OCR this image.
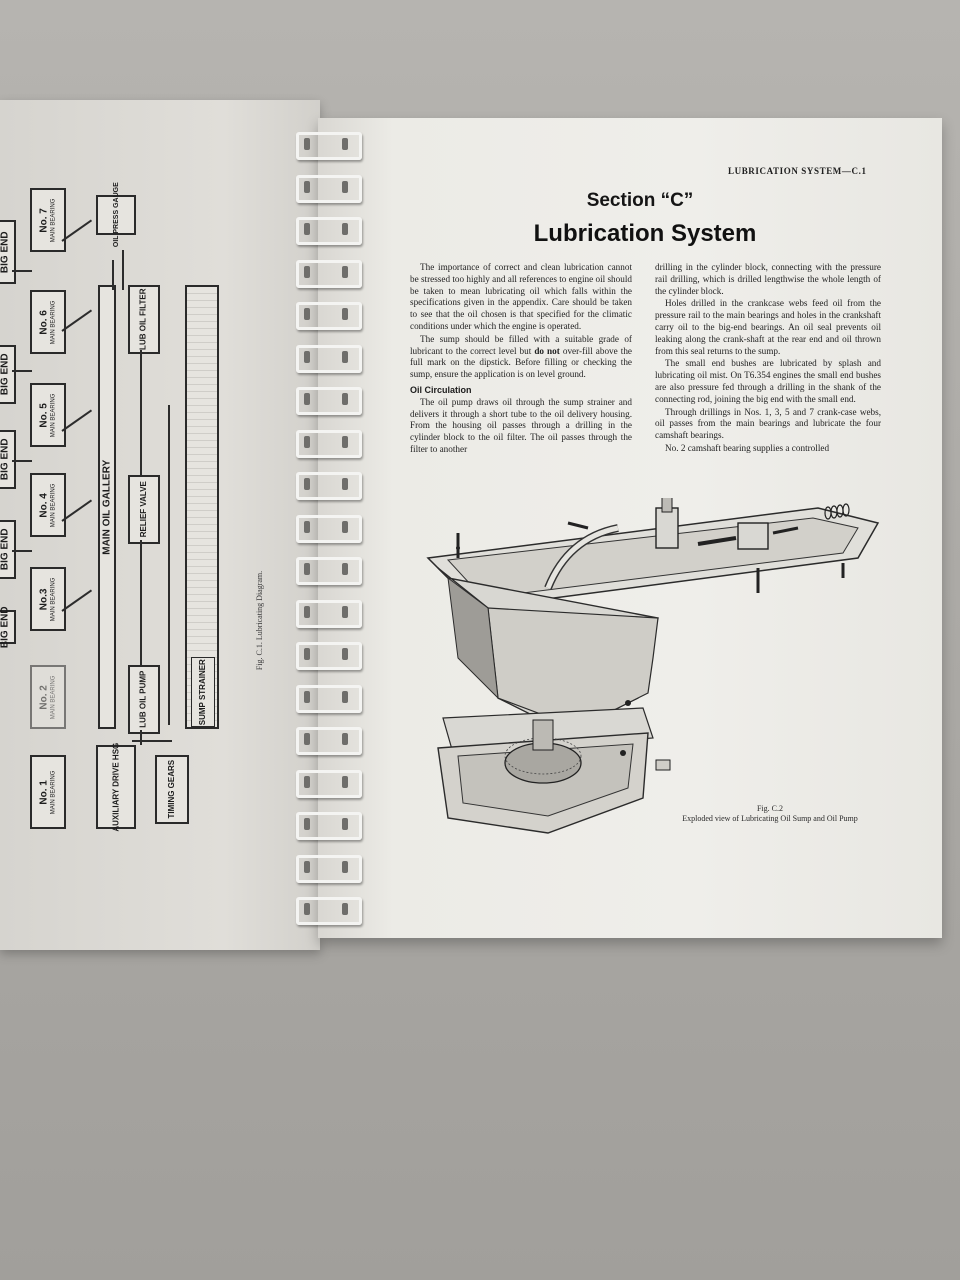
BIG END
BIG END
BIG END
BIG END
BIG END
No. 7 MAIN BEARING
No. 6 MAIN BEARING
No. 5 MAIN BEARING
No. 4 MAIN BEARING
No.3 MAIN BEARING
No. 2 MAIN BEARING
No. 1 MAIN BEARING
MAIN OIL GALLERY
OIL PRESS GAUGE
LUB OIL FILTER
RELIEF VALVE
LUB OIL PUMP	SUMP STRAINER
AUXILIARY DRIVE HSG	TIMING GEARS
Fig. C.1. Lubricating Diagram.
LUBRICATION SYSTEM—C.1
Section “C”
Lubrication System

The importance of correct and clean lubrication cannot be stressed too highly and all references to engine oil should be taken to mean lubricating oil which falls within the specifications given in the appendix. Care should be taken to see that the oil chosen is that specified for the climatic conditions under which the engine is operated.

The sump should be filled with a suitable grade of lubricant to the correct level but do not over-fill above the full mark on the dipstick. Before filling or checking the sump, ensure the application is on level ground.

Oil Circulation

The oil pump draws oil through the sump strainer and delivers it through a short tube to the oil delivery housing. From the housing oil passes through a drilling in the cylinder block to the oil filter. The oil passes through the filter to another

drilling in the cylinder block, connecting with the pressure rail drilling, which is drilled lengthwise the whole length of the cylinder block.

Holes drilled in the crankcase webs feed oil from the pressure rail to the main bearings and holes in the crankshaft carry oil to the big-end bearings. An oil seal prevents oil leaking along the crank-shaft at the rear end and oil thrown from this seal returns to the sump.

The small end bushes are lubricated by splash and lubricating oil mist. On T6.354 engines the small end bushes are also pressure fed through a drilling in the shank of the connecting rod, joining the big end with the small end.

Through drillings in Nos. 1, 3, 5 and 7 crank-case webs, oil passes from the main bearings and lubricate the four camshaft bearings.

No. 2 camshaft bearing supplies a controlled

Fig. C.2
Exploded view of Lubricating Oil Sump and Oil Pump
